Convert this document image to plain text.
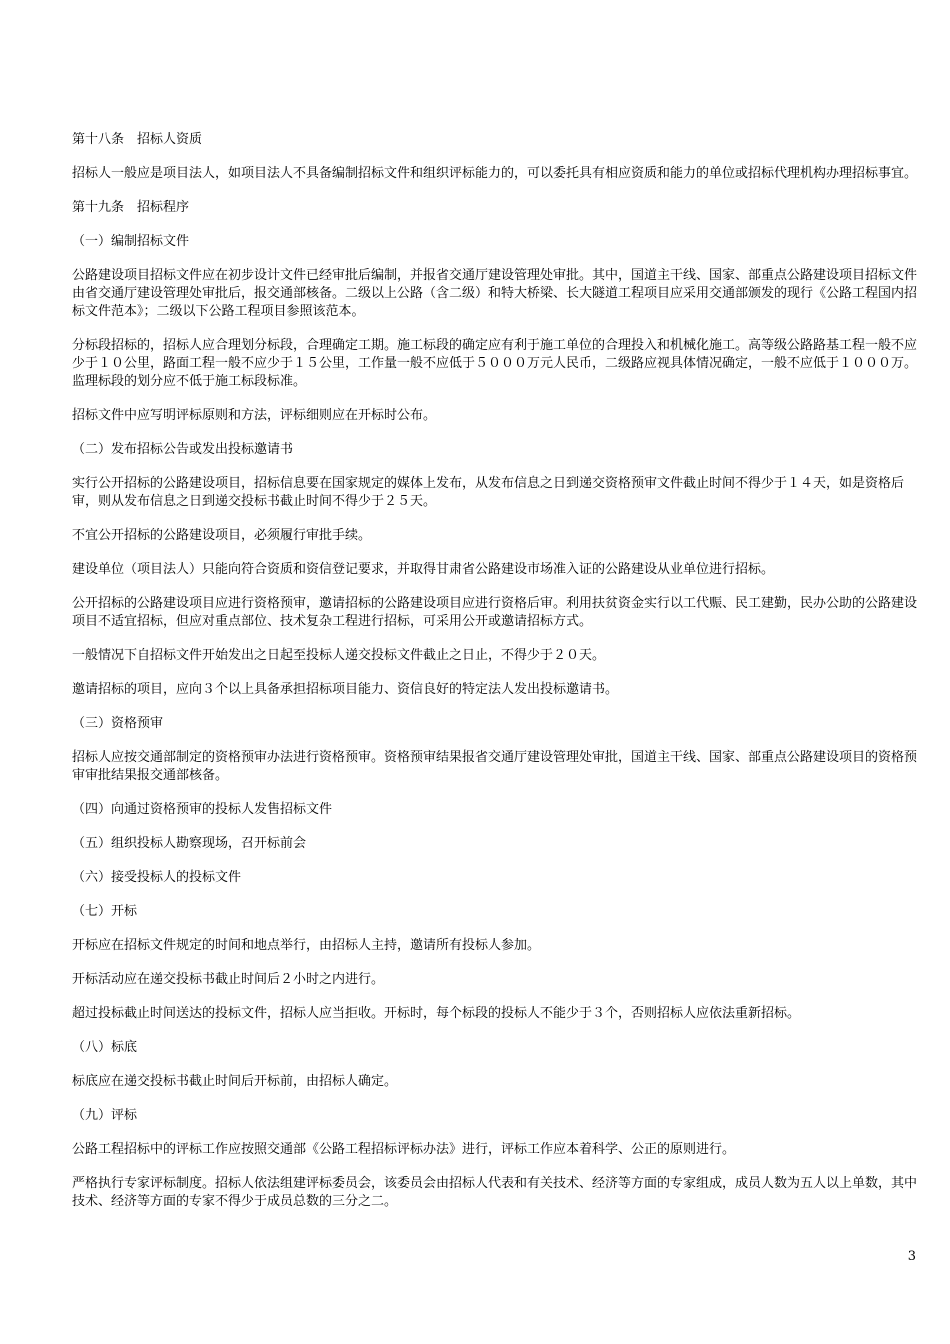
第十八条　招标人资质

招标人一般应是项目法人，如项目法人不具备编制招标文件和组织评标能力的，可以委托具有相应资质和能力的单位或招标代理机构办理招标事宜。

第十九条　招标程序

（一）编制招标文件

公路建设项目招标文件应在初步设计文件已经审批后编制，并报省交通厅建设管理处审批。其中，国道主干线、国家、部重点公路建设项目招标文件由省交通厅建设管理处审批后，报交通部核备。二级以上公路（含二级）和特大桥梁、长大隧道工程项目应采用交通部颁发的现行《公路工程国内招标文件范本》；二级以下公路工程项目参照该范本。

分标段招标的，招标人应合理划分标段，合理确定工期。施工标段的确定应有利于施工单位的合理投入和机械化施工。高等级公路路基工程一般不应少于１０公里，路面工程一般不应少于１５公里，工作量一般不应低于５０００万元人民币，二级路应视具体情况确定，一般不应低于１０００万。监理标段的划分应不低于施工标段标准。

招标文件中应写明评标原则和方法，评标细则应在开标时公布。

（二）发布招标公告或发出投标邀请书

实行公开招标的公路建设项目，招标信息要在国家规定的媒体上发布，从发布信息之日到递交资格预审文件截止时间不得少于１４天，如是资格后审，则从发布信息之日到递交投标书截止时间不得少于２５天。

不宜公开招标的公路建设项目，必须履行审批手续。

建设单位（项目法人）只能向符合资质和资信登记要求，并取得甘肃省公路建设市场准入证的公路建设从业单位进行招标。

公开招标的公路建设项目应进行资格预审，邀请招标的公路建设项目应进行资格后审。利用扶贫资金实行以工代赈、民工建勤，民办公助的公路建设项目不适宜招标，但应对重点部位、技术复杂工程进行招标，可采用公开或邀请招标方式。

一般情况下自招标文件开始发出之日起至投标人递交投标文件截止之日止，不得少于２０天。

邀请招标的项目，应向３个以上具备承担招标项目能力、资信良好的特定法人发出投标邀请书。

（三）资格预审

招标人应按交通部制定的资格预审办法进行资格预审。资格预审结果报省交通厅建设管理处审批，国道主干线、国家、部重点公路建设项目的资格预审审批结果报交通部核备。

（四）向通过资格预审的投标人发售招标文件

（五）组织投标人勘察现场，召开标前会

（六）接受投标人的投标文件

（七）开标

开标应在招标文件规定的时间和地点举行，由招标人主持，邀请所有投标人参加。

开标活动应在递交投标书截止时间后２小时之内进行。

超过投标截止时间送达的投标文件，招标人应当拒收。开标时，每个标段的投标人不能少于３个，否则招标人应依法重新招标。

（八）标底

标底应在递交投标书截止时间后开标前，由招标人确定。

（九）评标

公路工程招标中的评标工作应按照交通部《公路工程招标评标办法》进行，评标工作应本着科学、公正的原则进行。

严格执行专家评标制度。招标人依法组建评标委员会，该委员会由招标人代表和有关技术、经济等方面的专家组成，成员人数为五人以上单数，其中技术、经济等方面的专家不得少于成员总数的三分之二。

3
